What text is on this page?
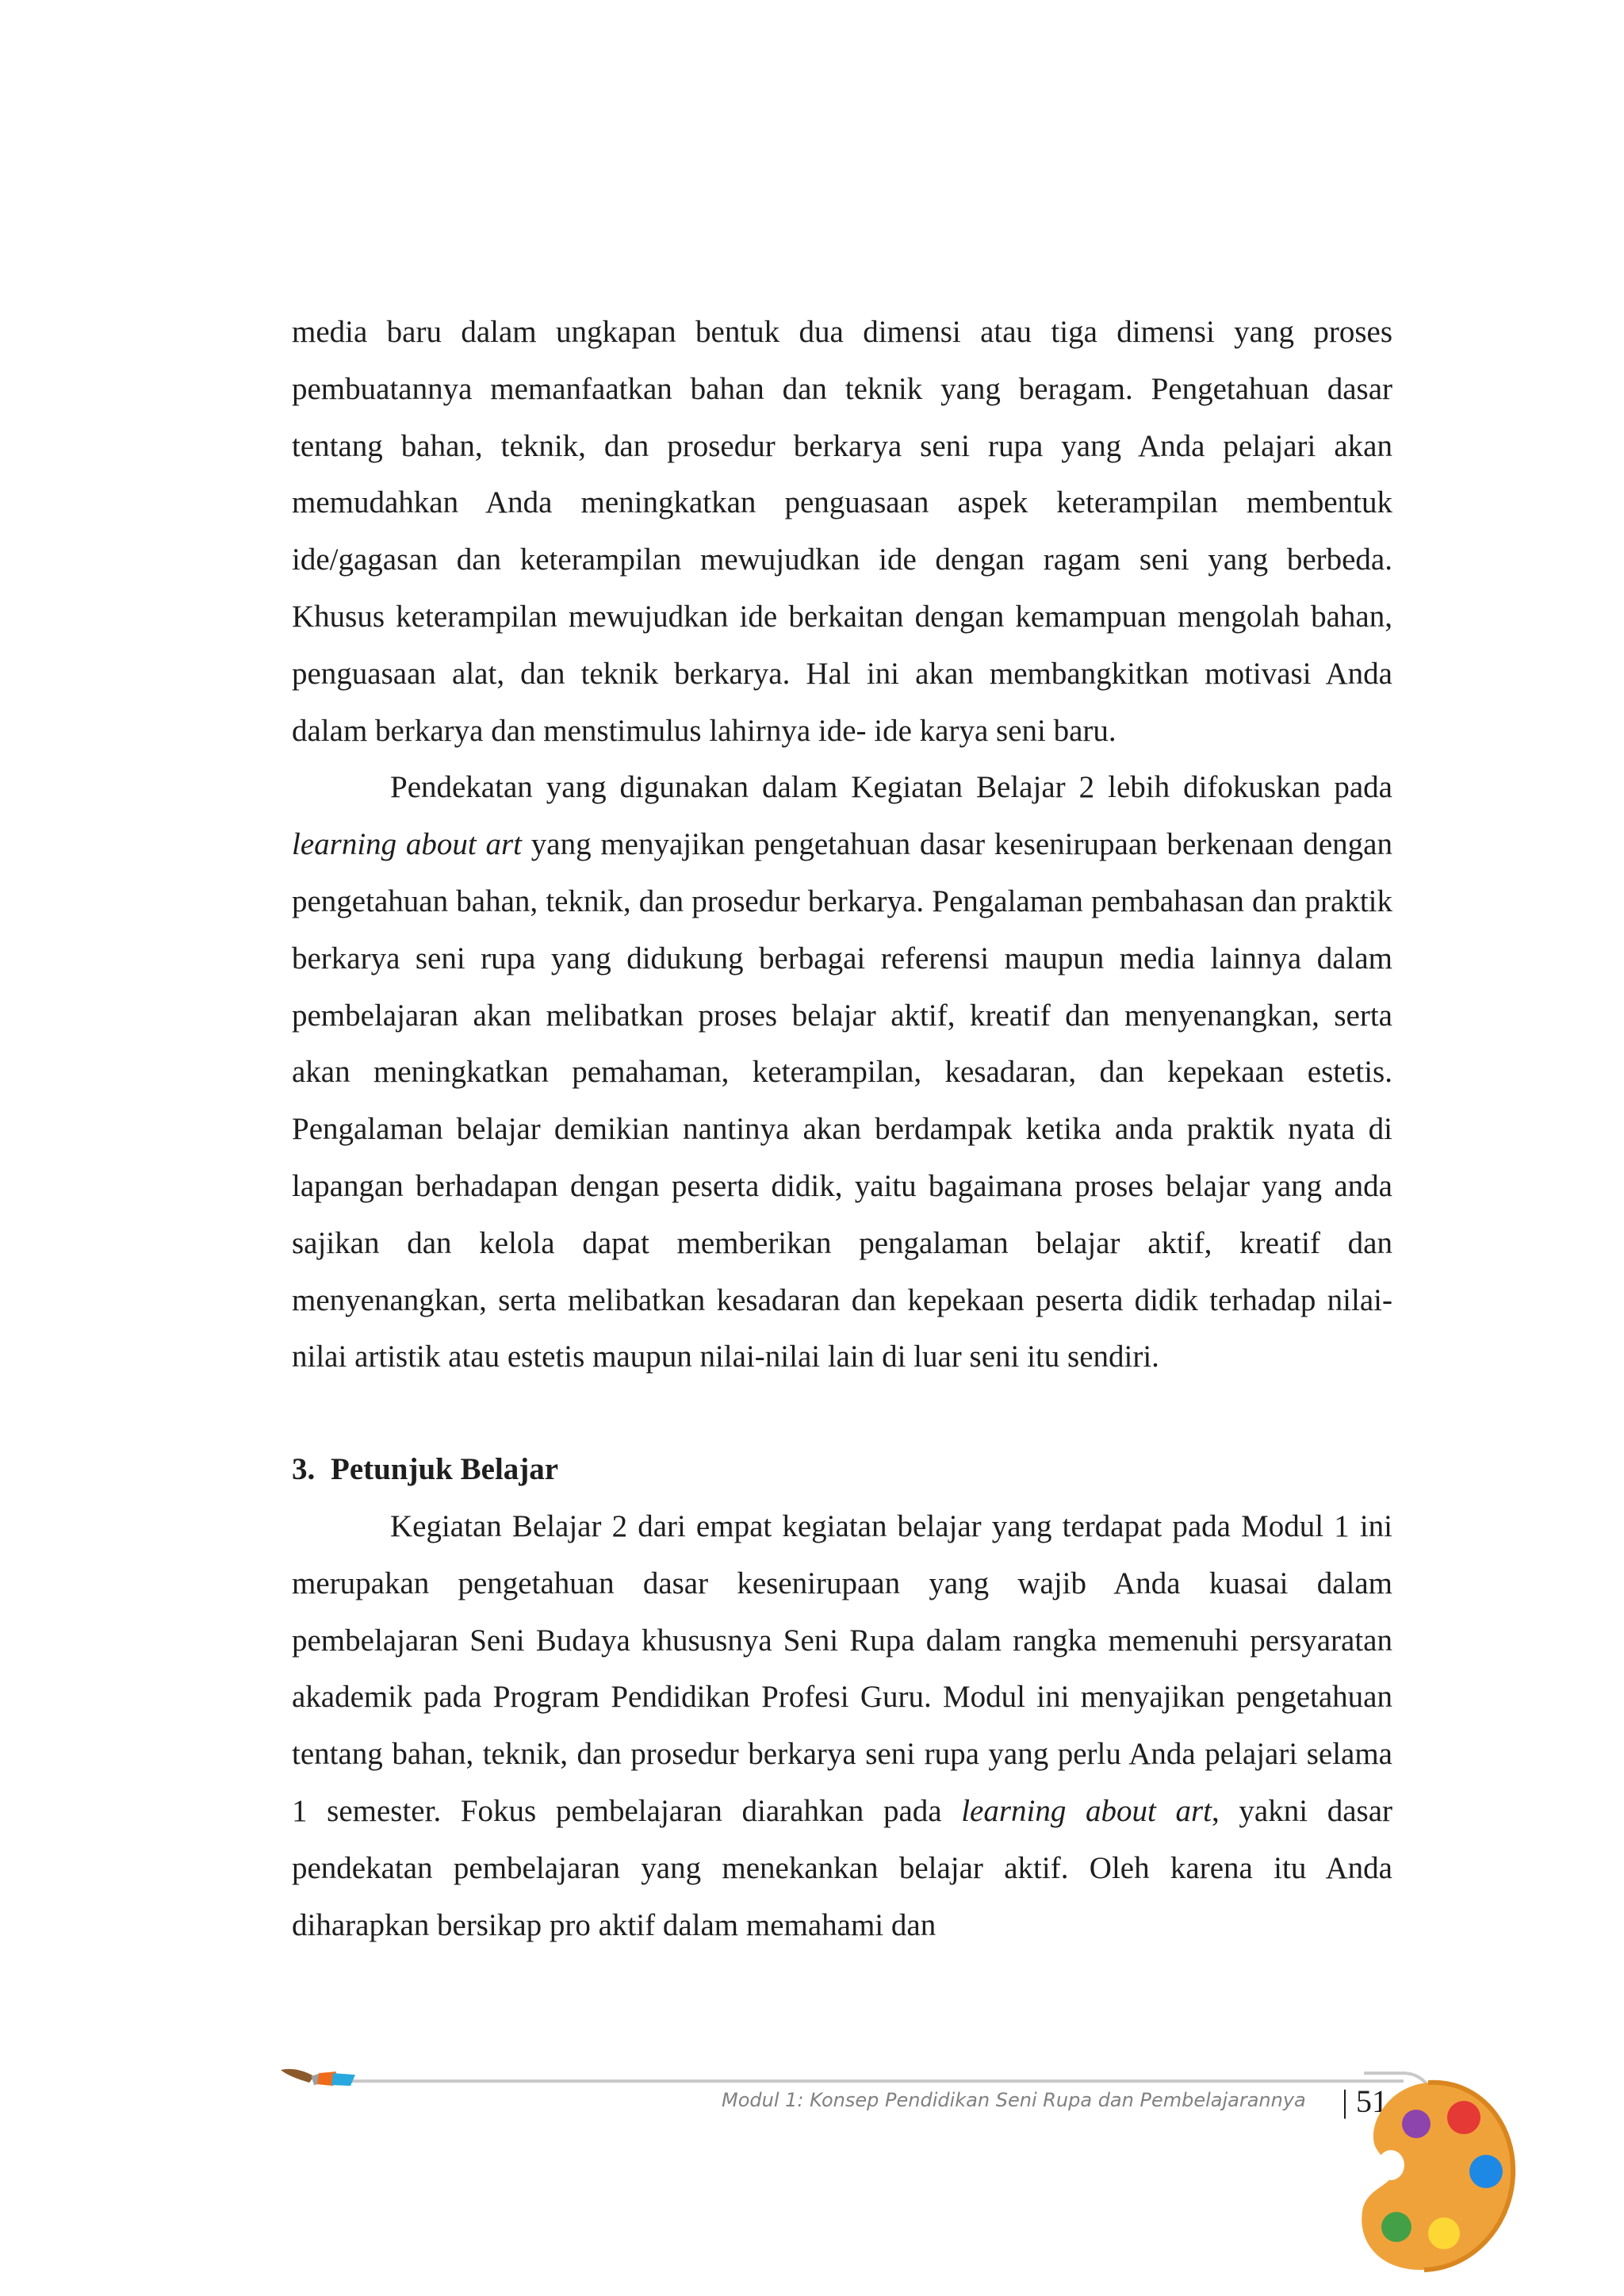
media baru dalam ungkapan bentuk dua dimensi atau tiga dimensi yang proses pembuatannya memanfaatkan bahan dan teknik yang beragam. Pengetahuan dasar tentang bahan, teknik, dan prosedur berkarya seni rupa yang Anda pelajari akan memudahkan Anda meningkatkan penguasaan aspek keterampilan membentuk ide/gagasan dan keterampilan mewujudkan ide dengan ragam seni yang berbeda. Khusus keterampilan mewujudkan ide berkaitan dengan kemampuan mengolah bahan, penguasaan alat, dan teknik berkarya. Hal ini akan membangkitkan motivasi Anda dalam berkarya dan menstimulus lahirnya ide- ide karya seni baru.

Pendekatan yang digunakan dalam Kegiatan Belajar 2 lebih difokuskan pada learning about art yang menyajikan pengetahuan dasar kesenirupaan berkenaan dengan pengetahuan bahan, teknik, dan prosedur berkarya. Pengalaman pembahasan dan praktik berkarya seni rupa yang didukung berbagai referensi maupun media lainnya dalam pembelajaran akan melibatkan proses belajar aktif, kreatif dan menyenangkan, serta akan meningkatkan pemahaman, keterampilan, kesadaran, dan kepekaan estetis. Pengalaman belajar demikian nantinya akan berdampak ketika anda praktik nyata di lapangan berhadapan dengan peserta didik, yaitu bagaimana proses belajar yang anda sajikan dan kelola dapat memberikan pengalaman belajar aktif, kreatif dan menyenangkan, serta melibatkan kesadaran dan kepekaan peserta didik terhadap nilai-nilai artistik atau estetis maupun nilai-nilai lain di luar seni itu sendiri.

3. Petunjuk Belajar

Kegiatan Belajar 2 dari empat kegiatan belajar yang terdapat pada Modul 1 ini merupakan pengetahuan dasar kesenirupaan yang wajib Anda kuasai dalam pembelajaran Seni Budaya khususnya Seni Rupa dalam rangka memenuhi persyaratan akademik pada Program Pendidikan Profesi Guru. Modul ini menyajikan pengetahuan tentang bahan, teknik, dan prosedur berkarya seni rupa yang perlu Anda pelajari selama 1 semester. Fokus pembelajaran diarahkan pada learning about art, yakni dasar pendekatan pembelajaran yang menekankan belajar aktif. Oleh karena itu Anda diharapkan bersikap pro aktif dalam memahami dan

Modul 1: Konsep Pendidikan Seni Rupa dan Pembelajarannya | 51
